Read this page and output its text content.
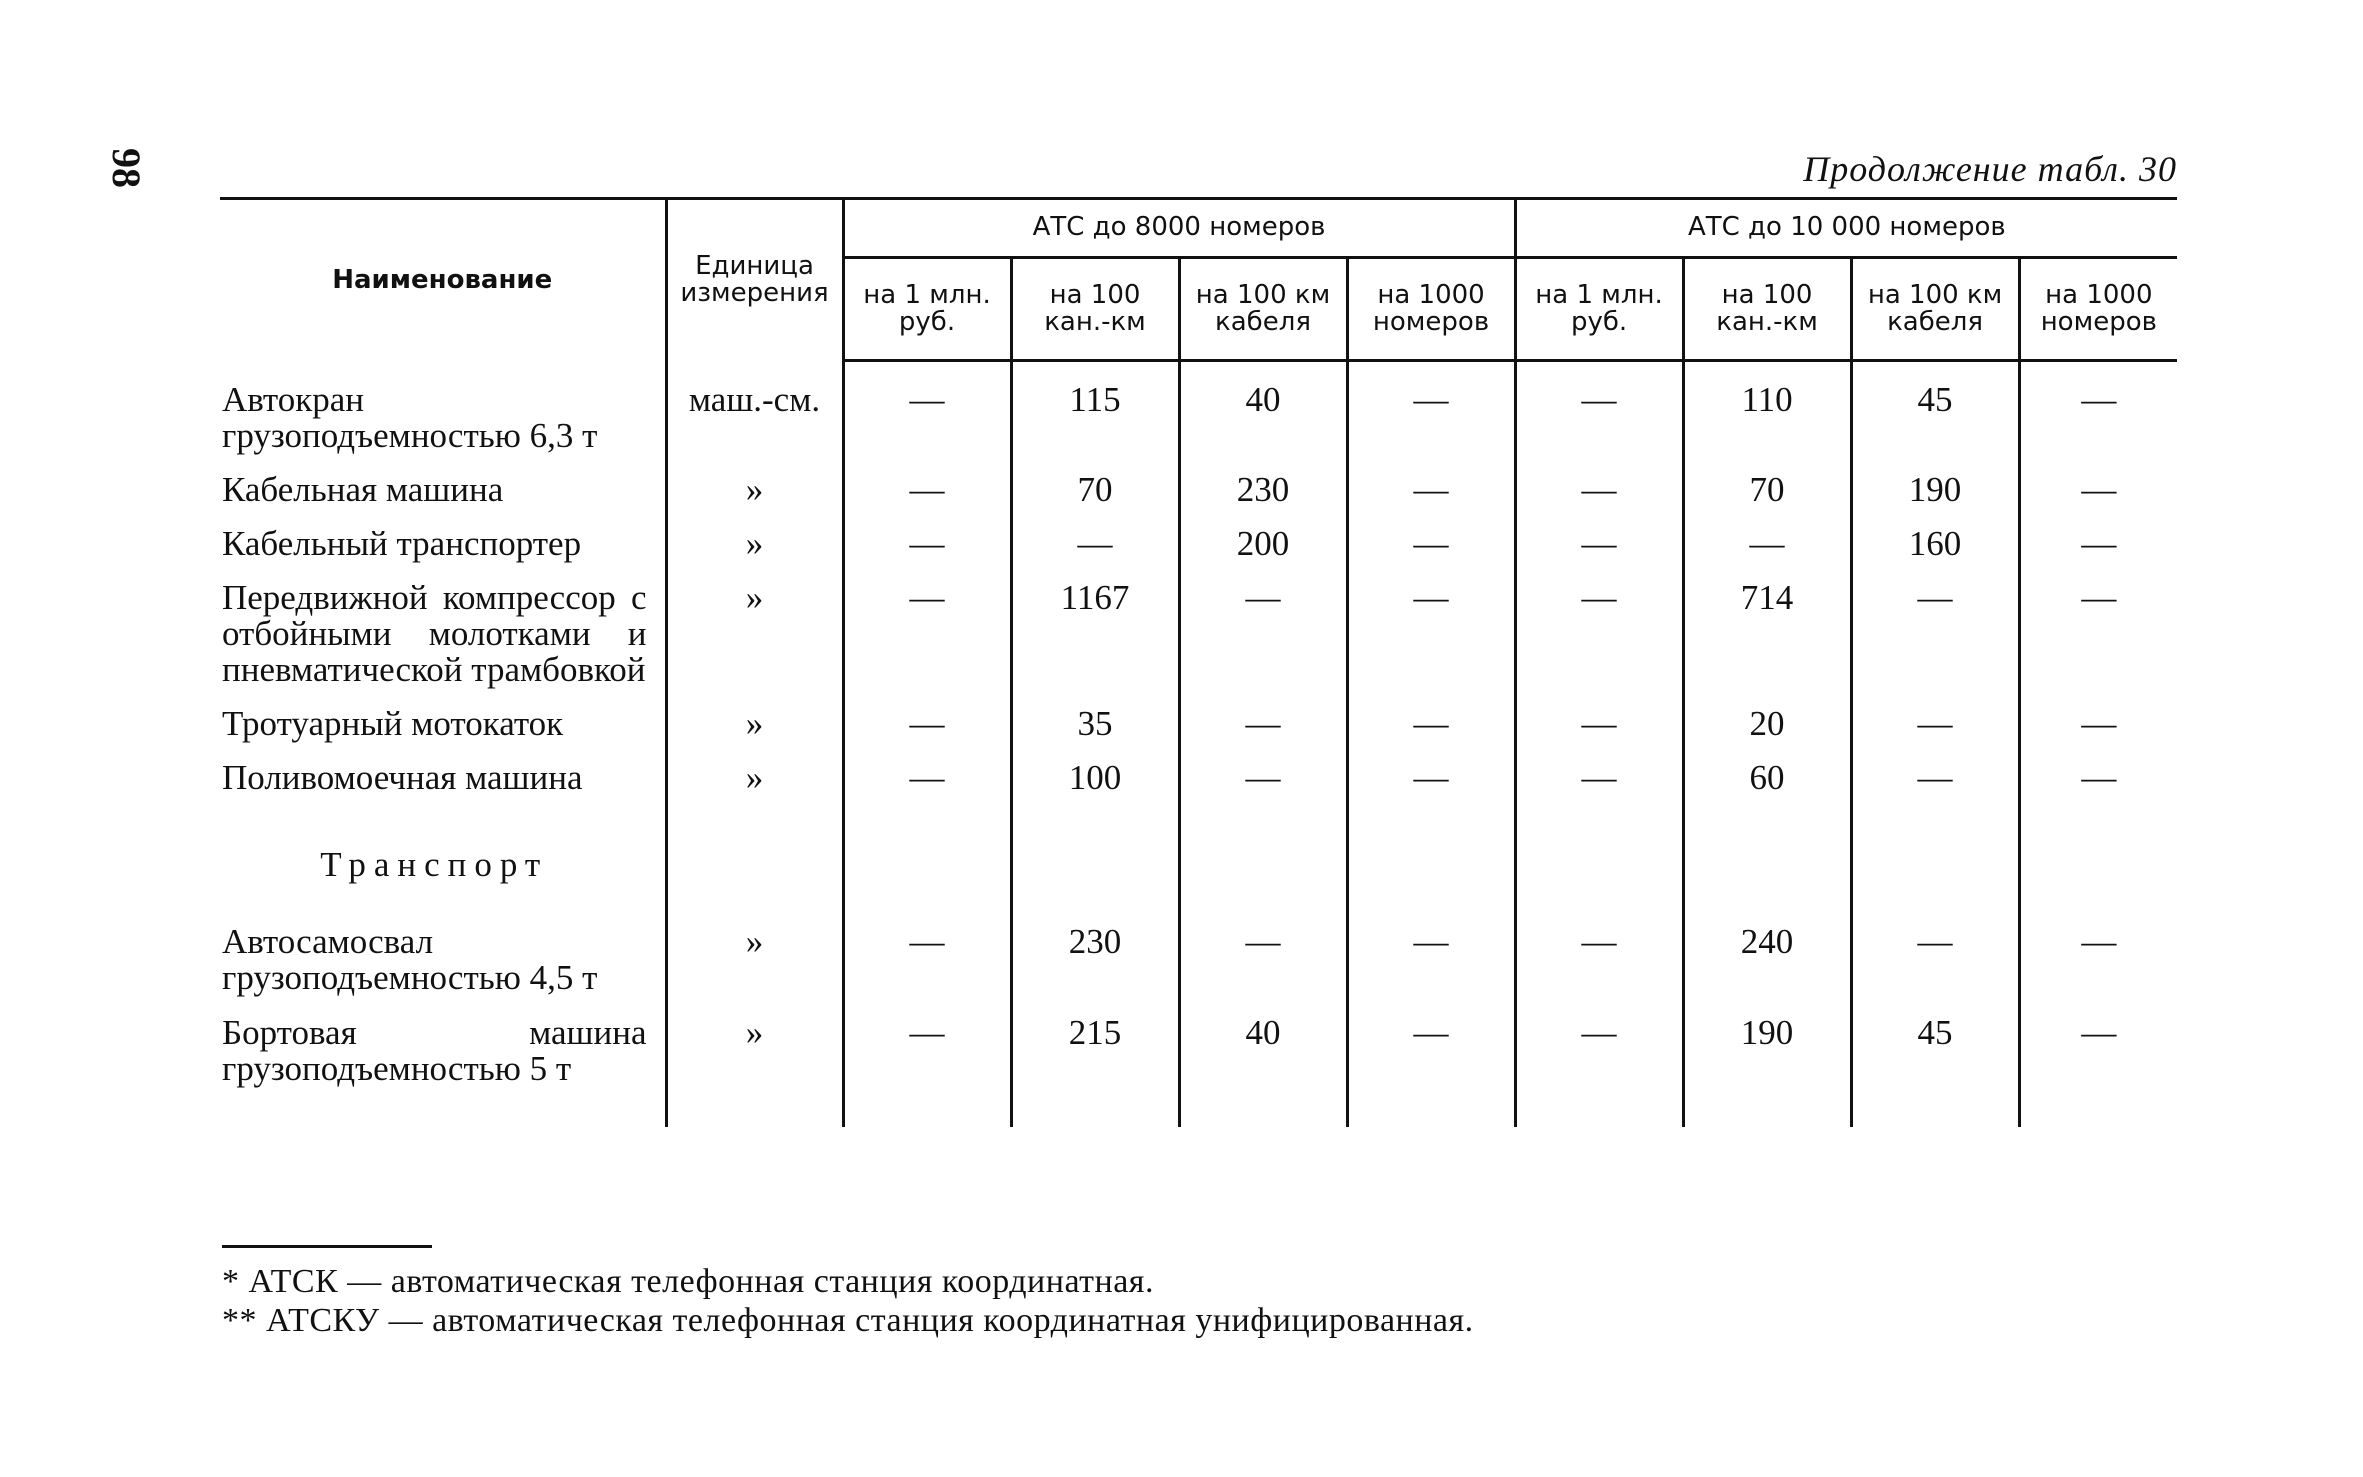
98	Продолжение табл. 30
Наименование	Единица измерения	АТС до 8000 номеров				АТС до 10 000 номеров			
		на 1 млн. руб.	на 100 кан.-км	на 100 км кабеля	на 1000 номеров	на 1 млн. руб.	на 100 кан.-км	на 100 км кабеля	на 1000 номеров

Автокран грузоподъемностью 6,3 т	маш.-см.	—	115	40	—	—	110	45	—
Кабельная машина	»	—	70	230	—	—	70	190	—
Кабельный транспортер	»	—	—	200	—	—	—	160	—
Передвижной компрессор с отбойными молотками и пневматической трамбовкой	»	—	1167	—	—	—	714	—	—
Тротуарный мотокаток	»	—	35	—	—	—	20	—	—
Поливомоечная машина	»	—	100	—	—	—	60	—	—
Транспорт									
Автосамосвал грузоподъемностью 4,5 т	»	—	230	—	—	—	240	—	—
Бортовая машина грузоподъемностью 5 т	»	—	215	40	—	—	190	45	—

* АТСК — автоматическая телефонная станция координатная.
** АТСКУ — автоматическая телефонная станция координатная унифицированная.
